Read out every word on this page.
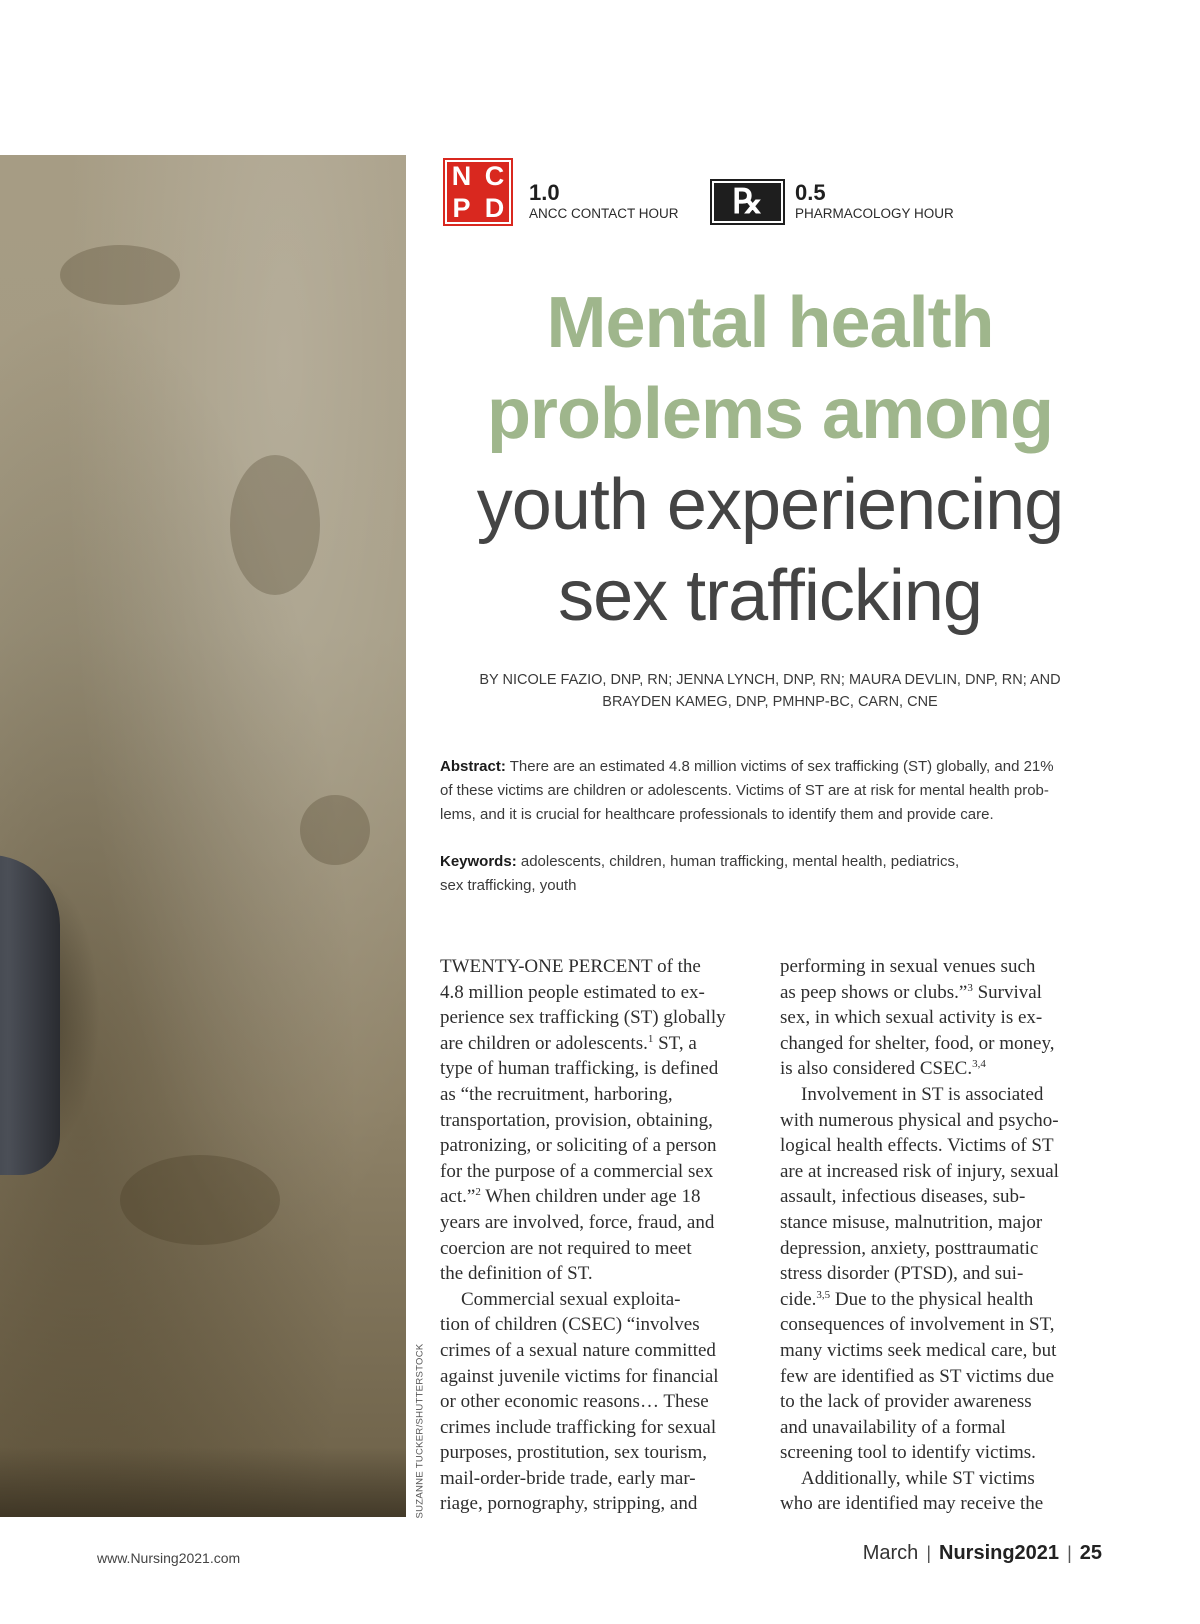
SUZANNE TUCKER/SHUTTERSTOCK
N C
P D
1.0
ANCC CONTACT HOUR	℞	0.5
PHARMACOLOGY HOUR
Mental health
problems among
youth experiencing
sex trafficking
BY NICOLE FAZIO, DNP, RN; JENNA LYNCH, DNP, RN; MAURA DEVLIN, DNP, RN; AND
BRAYDEN KAMEG, DNP, PMHNP-BC, CARN, CNE
Abstract: There are an estimated 4.8 million victims of sex trafficking (ST) globally, and 21%
of these victims are children or adolescents. Victims of ST are at risk for mental health prob-
lems, and it is crucial for healthcare professionals to identify them and provide care.
Keywords: adolescents, children, human trafficking, mental health, pediatrics,
sex trafficking, youth
TWENTY-ONE PERCENT of the
4.8 million people estimated to ex-
perience sex trafficking (ST) globally
are children or adolescents.$^1$ ST, a
type of human trafficking, is defined
as “the recruitment, harboring,
transportation, provision, obtaining,
patronizing, or soliciting of a person
for the purpose of a commercial sex
act.”$^2$ When children under age 18
years are involved, force, fraud, and
coercion are not required to meet
the definition of ST.
Commercial sexual exploita-
tion of children (CSEC) “involves
crimes of a sexual nature committed
against juvenile victims for financial
or other economic reasons… These
crimes include trafficking for sexual
purposes, prostitution, sex tourism,
mail-order-bride trade, early mar-
riage, pornography, stripping, and
performing in sexual venues such
as peep shows or clubs.”$^3$ Survival
sex, in which sexual activity is ex-
changed for shelter, food, or money,
is also considered CSEC.$^{3,4}$
Involvement in ST is associated
with numerous physical and psycho-
logical health effects. Victims of ST
are at increased risk of injury, sexual
assault, infectious diseases, sub-
stance misuse, malnutrition, major
depression, anxiety, posttraumatic
stress disorder (PTSD), and sui-
cide.$^{3,5}$ Due to the physical health
consequences of involvement in ST,
many victims seek medical care, but
few are identified as ST victims due
to the lack of provider awareness
and unavailability of a formal
screening tool to identify victims.
Additionally, while ST victims
who are identified may receive the
www.Nursing2021.com	March | Nursing2021 | 25
